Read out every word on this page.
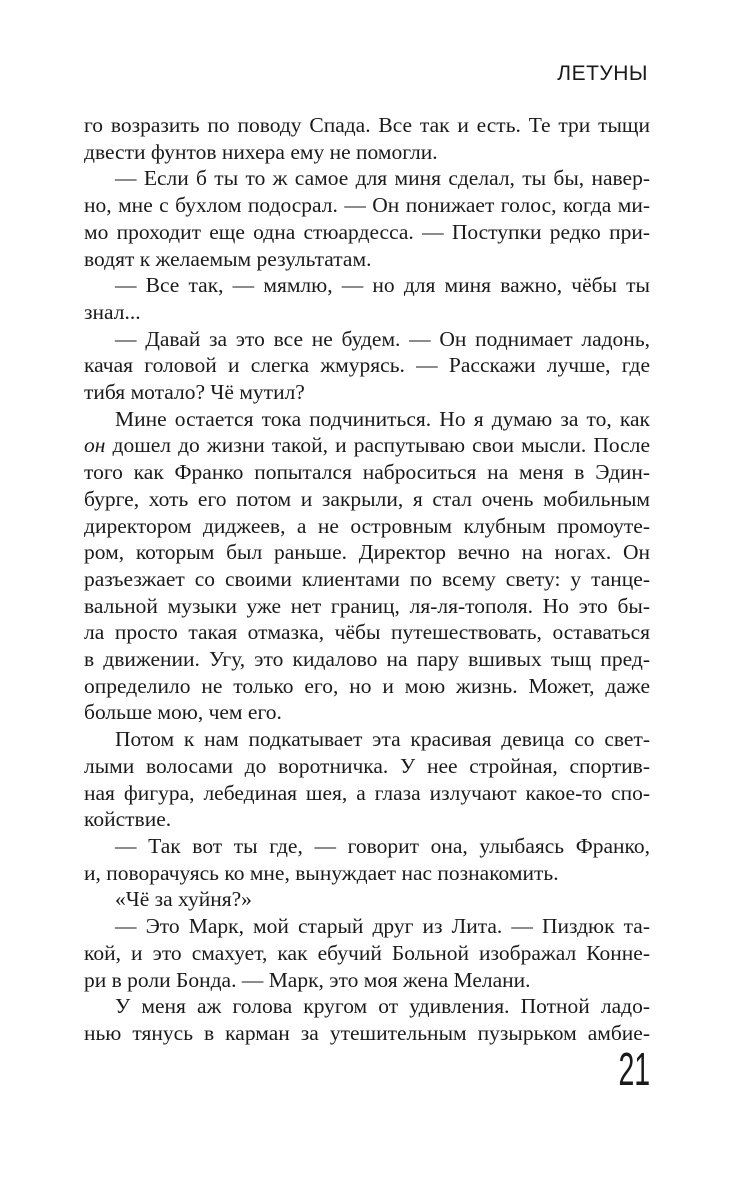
ЛЕТУНЫ
го возразить по поводу Спада. Все так и есть. Те три тыщи
двести фунтов нихера ему не помогли.
— Если б ты то ж самое для миня сделал, ты бы, навер-
но, мне с бухлом подосрал. — Он понижает голос, когда ми-
мо проходит еще одна стюардесса. — Поступки редко при-
водят к желаемым результатам.
— Все так, — мямлю, — но для миня важно, чёбы ты
знал...
— Давай за это все не будем. — Он поднимает ладонь,
качая головой и слегка жмурясь. — Расскажи лучше, где
тибя мотало? Чё мутил?
Мине остается тока подчиниться. Но я думаю за то, как
он дошел до жизни такой, и распутываю свои мысли. После
того как Франко попытался наброситься на меня в Эдин-
бурге, хоть его потом и закрыли, я стал очень мобильным
директором диджеев, а не островным клубным промоуте-
ром, которым был раньше. Директор вечно на ногах. Он
разъезжает со своими клиентами по всему свету: у танце-
вальной музыки уже нет границ, ля-ля-тополя. Но это бы-
ла просто такая отмазка, чёбы путешествовать, оставаться
в движении. Угу, это кидалово на пару вшивых тыщ пред-
определило не только его, но и мою жизнь. Может, даже
больше мою, чем его.
Потом к нам подкатывает эта красивая девица со свет-
лыми волосами до воротничка. У нее стройная, спортив-
ная фигура, лебединая шея, а глаза излучают какое-то спо-
койствие.
— Так вот ты где, — говорит она, улыбаясь Франко,
и, поворачуясь ко мне, вынуждает нас познакомить.
«Чё за хуйня?»
— Это Марк, мой старый друг из Лита. — Пиздюк та-
кой, и это смахует, как ебучий Больной изображал Конне-
ри в роли Бонда. — Марк, это моя жена Мелани.
У меня аж голова кругом от удивления. Потной ладо-
нью тянусь в карман за утешительным пузырьком амбие-
21
